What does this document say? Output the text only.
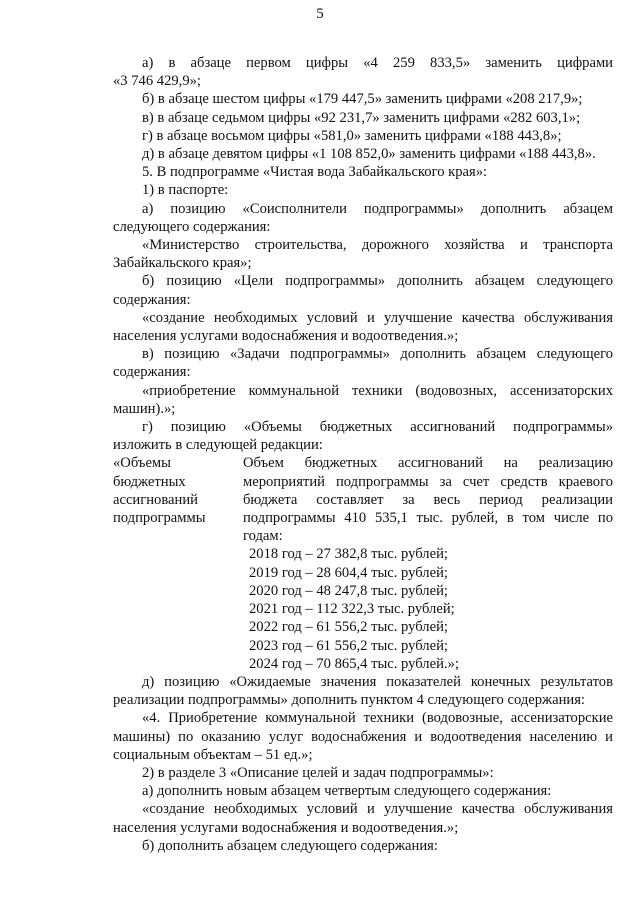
5

а) в абзаце первом цифры «4 259 833,5» заменить цифрами

«3 746 429,9»;

б) в абзаце шестом цифры «179 447,5» заменить цифрами «208 217,9»;

в) в абзаце седьмом цифры «92 231,7» заменить цифрами «282 603,1»;

г) в абзаце восьмом цифры «581,0» заменить цифрами «188 443,8»;

д) в абзаце девятом цифры «1 108 852,0» заменить цифрами «188 443,8».

5. В подпрограмме «Чистая вода Забайкальского края»:

1) в паспорте:

а) позицию «Соисполнители подпрограммы» дополнить абзацем

следующего содержания:

«Министерство строительства, дорожного хозяйства и транспорта

Забайкальского края»;

б) позицию «Цели подпрограммы» дополнить абзацем следующего

содержания:

«создание необходимых условий и улучшение качества обслуживания

населения услугами водоснабжения и водоотведения.»;

в) позицию «Задачи подпрограммы» дополнить абзацем следующего

содержания:

«приобретение коммунальной техники (водовозных, ассенизаторских

машин).»;

г) позицию «Объемы бюджетных ассигнований подпрограммы»

изложить в следующей редакции:

«Объемы

бюджетных

ассигнований

подпрограммы

Объем бюджетных ассигнований на реализацию

мероприятий подпрограммы за счет средств краевого

бюджета составляет за весь период реализации

подпрограммы 410 535,1 тыс. рублей, в том числе по

годам:

2018 год – 27 382,8 тыс. рублей;

2019 год – 28 604,4 тыс. рублей;

2020 год – 48 247,8 тыс. рублей;

2021 год – 112 322,3 тыс. рублей;

2022 год – 61 556,2 тыс. рублей;

2023 год – 61 556,2 тыс. рублей;

2024 год – 70 865,4 тыс. рублей.»;

д) позицию «Ожидаемые значения показателей конечных результатов

реализации подпрограммы» дополнить пунктом 4 следующего содержания:

«4. Приобретение коммунальной техники (водовозные, ассенизаторские

машины) по оказанию услуг водоснабжения и водоотведения населению и

социальным объектам – 51 ед.»;

2) в разделе 3 «Описание целей и задач подпрограммы»:

а) дополнить новым абзацем четвертым следующего содержания:

«создание необходимых условий и улучшение качества обслуживания

населения услугами водоснабжения и водоотведения.»;

б) дополнить абзацем следующего содержания:
